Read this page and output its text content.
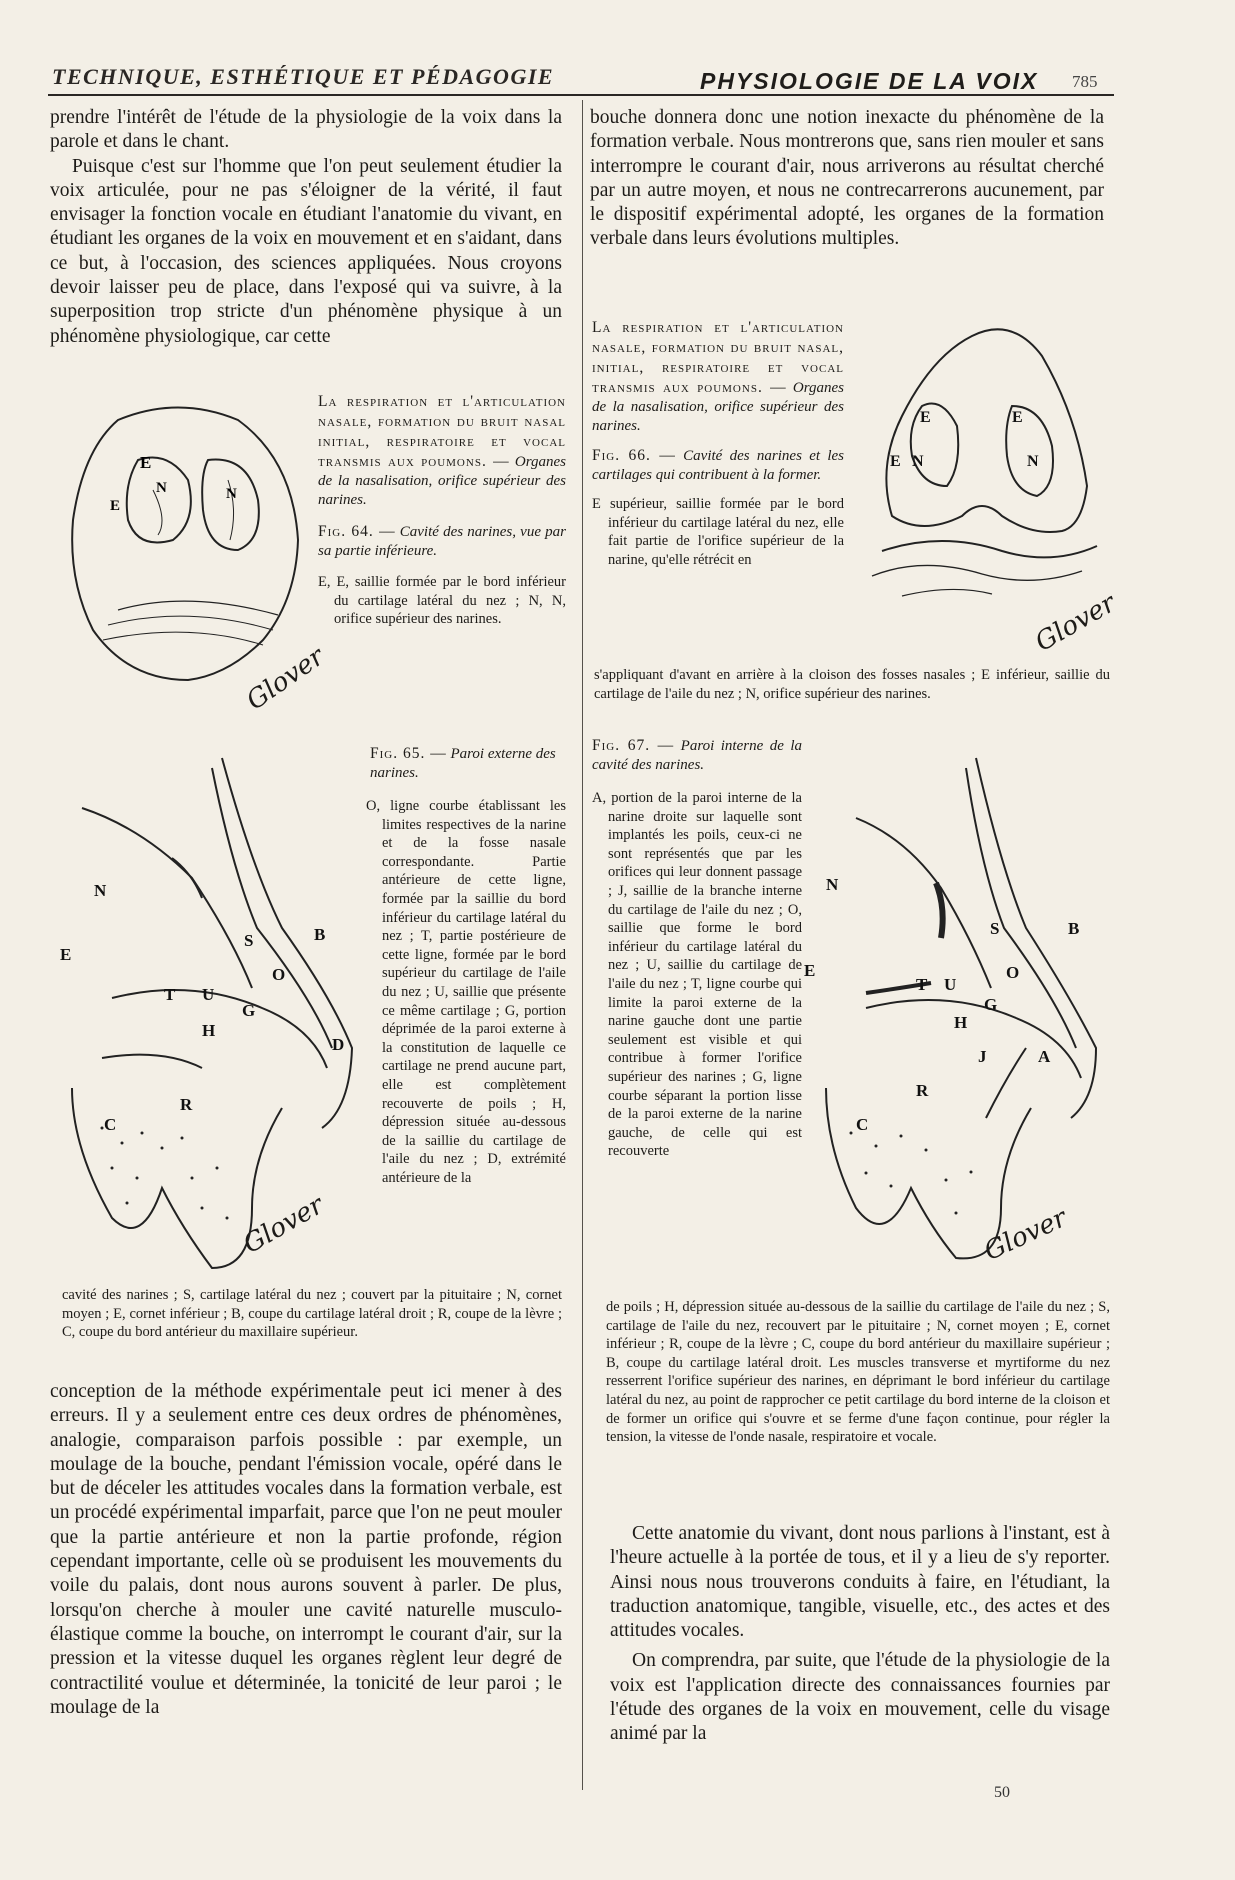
TECHNIQUE, ESTHÉTIQUE ET PÉDAGOGIE	PHYSIOLOGIE DE LA VOIX 785

prendre l'intérêt de l'étude de la physiologie de la voix dans la parole et dans le chant.

Puisque c'est sur l'homme que l'on peut seulement étudier la voix articulée, pour ne pas s'éloigner de la vérité, il faut envisager la fonction vocale en étudiant l'anatomie du vivant, en étudiant les organes de la voix en mouvement et en s'aidant, dans ce but, à l'occasion, des sciences appliquées. Nous croyons devoir laisser peu de place, dans l'exposé qui va suivre, à la superposition trop stricte d'un phénomène physique à un phénomène physiologique, car cette

E
N
E
N
Glover
La respiration et l'articulation nasale, formation du bruit nasal initial, respiratoire et vocal transmis aux poumons. — Organes de la nasalisation, orifice supérieur des narines.
Fig. 64. — Cavité des narines, vue par sa partie inférieure.
E, E, saillie formée par le bord inférieur du cartilage latéral du nez ; N, N, orifice supérieur des narines.
N
E
S	B
O
T U
G
H
D
R
C
Glover
Fig. 65. — Paroi externe des narines.
O, ligne courbe établissant les limites respectives de la narine et de la fosse nasale correspondante. Partie antérieure de cette ligne, formée par la saillie du bord inférieur du cartilage latéral du nez ; T, partie postérieure de cette ligne, formée par le bord supérieur du cartilage de l'aile du nez ; U, saillie que présente ce même cartilage ; G, portion déprimée de la paroi externe à la constitution de laquelle ce cartilage ne prend aucune part, elle est complètement recouverte de poils ; H, dépression située au-dessous de la saillie du cartilage de l'aile du nez ; D, extrémité antérieure de la
cavité des narines ; S, cartilage latéral du nez ; couvert par la pituitaire ; N, cornet moyen ; E, cornet inférieur ; B, coupe du cartilage latéral droit ; R, coupe de la lèvre ; C, coupe du bord antérieur du maxillaire supérieur.

conception de la méthode expérimentale peut ici mener à des erreurs. Il y a seulement entre ces deux ordres de phénomènes, analogie, comparaison parfois possible : par exemple, un moulage de la bouche, pendant l'émission vocale, opéré dans le but de déceler les attitudes vocales dans la formation verbale, est un procédé expérimental imparfait, parce que l'on ne peut mouler que la partie antérieure et non la partie profonde, région cependant importante, celle où se produisent les mouvements du voile du palais, dont nous aurons souvent à parler. De plus, lorsqu'on cherche à mouler une cavité naturelle musculo-élastique comme la bouche, on interrompt le courant d'air, sur la pression et la vitesse duquel les organes règlent leur degré de contractilité voulue et déterminée, la tonicité de leur paroi ; le moulage de la

bouche donnera donc une notion inexacte du phénomène de la formation verbale. Nous montrerons que, sans rien mouler et sans interrompre le courant d'air, nous arriverons au résultat cherché par un autre moyen, et nous ne contrecarrerons aucunement, par le dispositif expérimental adopté, les organes de la formation verbale dans leurs évolutions multiples.

La respiration et l'articulation nasale, formation du bruit nasal, initial, respiratoire et vocal transmis aux poumons. — Organes de la nasalisation, orifice supérieur des narines.
Fig. 66. — Cavité des narines et les cartilages qui contribuent à la former.
E supérieur, saillie formée par le bord inférieur du cartilage latéral du nez, elle fait partie de l'orifice supérieur de la narine, qu'elle rétrécit en
E
E N
E
N
Glover
s'appliquant d'avant en arrière à la cloison des fosses nasales ; E inférieur, saillie du cartilage de l'aile du nez ; N, orifice supérieur des narines.
Fig. 67. — Paroi interne de la cavité des narines.
A, portion de la paroi interne de la narine droite sur laquelle sont implantés les poils, ceux-ci ne sont représentés que par les orifices qui leur donnent passage ; J, saillie de la branche interne du cartilage de l'aile du nez ; O, saillie que forme le bord inférieur du cartilage latéral du nez ; U, saillie du cartilage de l'aile du nez ; T, ligne courbe qui limite la paroi externe de la narine gauche dont une partie seulement est visible et qui contribue à former l'orifice supérieur des narines ; G, ligne courbe séparant la portion lisse de la paroi externe de la narine gauche, de celle qui est recouverte
N
E
S	B
O
T U
G
H
J	A
R
C
Glover
de poils ; H, dépression située au-dessous de la saillie du cartilage de l'aile du nez ; S, cartilage de l'aile du nez, recouvert par le pituitaire ; N, cornet moyen ; E, cornet inférieur ; R, coupe de la lèvre ; C, coupe du bord antérieur du maxillaire supérieur ; B, coupe du cartilage latéral droit. Les muscles transverse et myrtiforme du nez resserrent l'orifice supérieur des narines, en déprimant le bord inférieur du cartilage latéral du nez, au point de rapprocher ce petit cartilage du bord interne de la cloison et de former un orifice qui s'ouvre et se ferme d'une façon continue, pour régler la tension, la vitesse de l'onde nasale, respiratoire et vocale.

Cette anatomie du vivant, dont nous parlions à l'instant, est à l'heure actuelle à la portée de tous, et il y a lieu de s'y reporter. Ainsi nous nous trouverons conduits à faire, en l'étudiant, la traduction anatomique, tangible, visuelle, etc., des actes et des attitudes vocales.

On comprendra, par suite, que l'étude de la physiologie de la voix est l'application directe des connaissances fournies par l'étude des organes de la voix en mouvement, celle du visage animé par la

50
